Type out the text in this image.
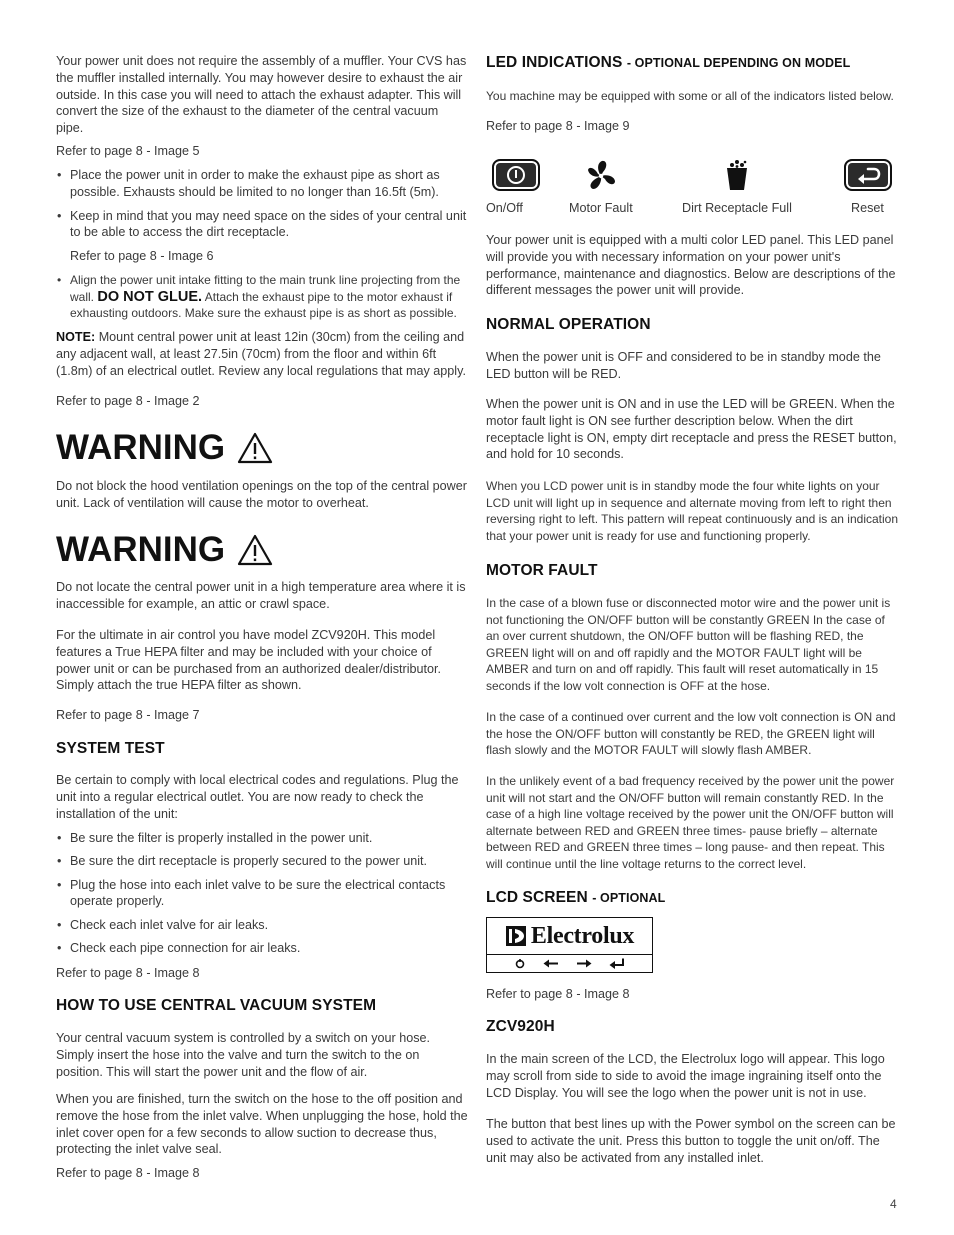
Your power unit does not require the assembly of a muffler. Your CVS has the muffler installed internally. You may however desire to exhaust the air outside. In this case you will need to attach the exhaust adapter. This will convert the size of the exhaust to the diameter of the central vacuum pipe.

Refer to page 8 - Image 5

• Place the power unit in order to make the exhaust pipe as short as possible. Exhausts should be limited to no longer than 16.5ft (5m).
• Keep in mind that you may need space on the sides of your central unit to be able to access the dirt receptacle.

Refer to page 8 - Image 6

• Align the power unit intake fitting to the main trunk line projecting from the wall. DO NOT GLUE. Attach the exhaust pipe to the motor exhaust if exhausting outdoors. Make sure the exhaust pipe is as short as possible.

NOTE: Mount central power unit at least 12in (30cm) from the ceiling and any adjacent wall, at least 27.5in (70cm) from the floor and within 6ft (1.8m) of an electrical outlet. Review any local regulations that may apply.

Refer to page 8 - Image 2

WARNING

Do not block the hood ventilation openings on the top of the central power unit. Lack of ventilation will cause the motor to overheat.

WARNING

Do not locate the central power unit in a high temperature area where it is inaccessible for example, an attic or crawl space.

For the ultimate in air control you have model ZCV920H. This model features a True HEPA filter and may be included with your choice of power unit or can be purchased from an authorized dealer/distributor. Simply attach the true HEPA filter as shown.

Refer to page 8 - Image 7

SYSTEM TEST

Be certain to comply with local electrical codes and regulations. Plug the unit into a regular electrical outlet. You are now ready to check the installation of the unit:

• Be sure the filter is properly installed in the power unit.
• Be sure the dirt receptacle is properly secured to the power unit.
• Plug the hose into each inlet valve to be sure the electrical contacts operate properly.
• Check each inlet valve for air leaks.
• Check each pipe connection for air leaks.

Refer to page 8 - Image 8

HOW TO USE CENTRAL VACUUM SYSTEM

Your central vacuum system is controlled by a switch on your hose. Simply insert the hose into the valve and turn the switch to the on position. This will start the power unit and the flow of air.

When you are finished, turn the switch on the hose to the off position and remove the hose from the inlet valve. When unplugging the hose, hold the inlet cover open for a few seconds to allow suction to decrease thus, protecting the inlet valve seal.

Refer to page 8 - Image 8

LED INDICATIONS - OPTIONAL DEPENDING ON MODEL

You machine may be equipped with some or all of the indicators listed below.

Refer to page 8 - Image 9

On/Off	Motor Fault	Dirt Receptacle Full	Reset

Your power unit is equipped with a multi color LED panel. This LED panel will provide you with necessary information on your power unit's performance, maintenance and diagnostics. Below are descriptions of the different messages the power unit will provide.

NORMAL OPERATION

When the power unit is OFF and considered to be in standby mode the LED button will be RED.

When the power unit is ON and in use the LED will be GREEN. When the motor fault light is ON see further description below. When the dirt receptacle light is ON, empty dirt receptacle and press the RESET button, and hold for 10 seconds.

When you LCD power unit is in standby mode the four white lights on your LCD unit will light up in sequence and alternate moving from left to right then reversing right to left. This pattern will repeat continuously and is an indication that your power unit is ready for use and functioning properly.

MOTOR FAULT

In the case of a blown fuse or disconnected motor wire and the power unit is not functioning the ON/OFF button will be constantly GREEN In the case of an over current shutdown, the ON/OFF button will be flashing RED, the GREEN light will on and off rapidly and the MOTOR FAULT light will be AMBER and turn on and off rapidly. This fault will reset automatically in 15 seconds if the low volt connection is OFF at the hose.

In the case of a continued over current and the low volt connection is ON and the hose the ON/OFF button will constantly be RED, the GREEN light will flash slowly and the MOTOR FAULT will slowly flash AMBER.

In the unlikely event of a bad frequency received by the power unit the power unit will not start and the ON/OFF button will remain constantly RED. In the case of a high line voltage received by the power unit the ON/OFF button will alternate between RED and GREEN three times- pause briefly – alternate between RED and GREEN three times – long pause- and then repeat. This will continue until the line voltage returns to the correct level.

LCD SCREEN - OPTIONAL
Electrolux

Refer to page 8 - Image 8

ZCV920H

In the main screen of the LCD, the Electrolux logo will appear. This logo may scroll from side to side to avoid the image ingraining itself onto the LCD Display. You will see the logo when the power unit is not in use.

The button that best lines up with the Power symbol on the screen can be used to activate the unit. Press this button to toggle the unit on/off. The unit may also be activated from any installed inlet.

4
